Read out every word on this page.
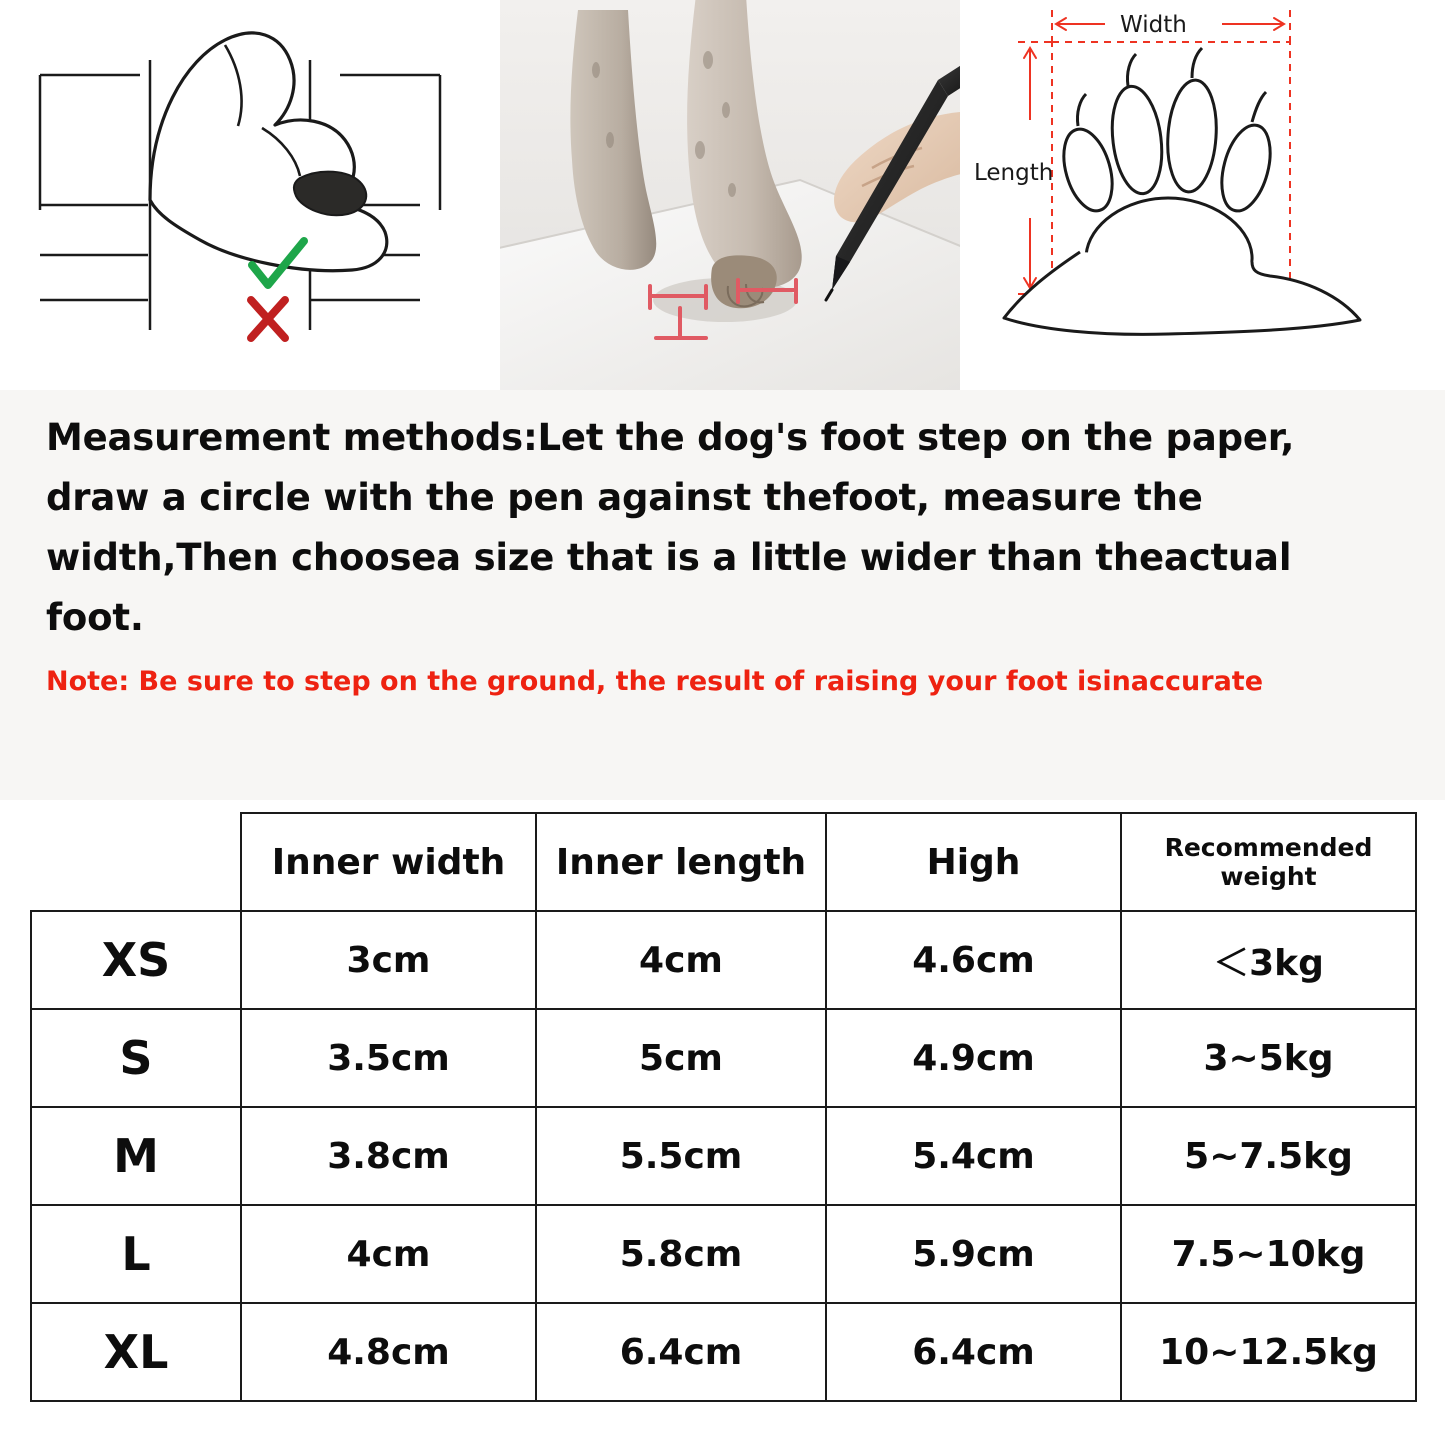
Width
Length
Measurement methods:Let the dog's foot step on the paper, draw a circle with the pen against thefoot, measure the width,Then choosea size that is a little wider than theactual foot.
Note: Be sure to step on the ground, the result of raising your foot isinaccurate
	Inner width	Inner length	High	Recommended weight
XS	3cm	4cm	4.6cm	＜3kg
S	3.5cm	5cm	4.9cm	3~5kg
M	3.8cm	5.5cm	5.4cm	5~7.5kg
L	4cm	5.8cm	5.9cm	7.5~10kg
XL	4.8cm	6.4cm	6.4cm	10~12.5kg
